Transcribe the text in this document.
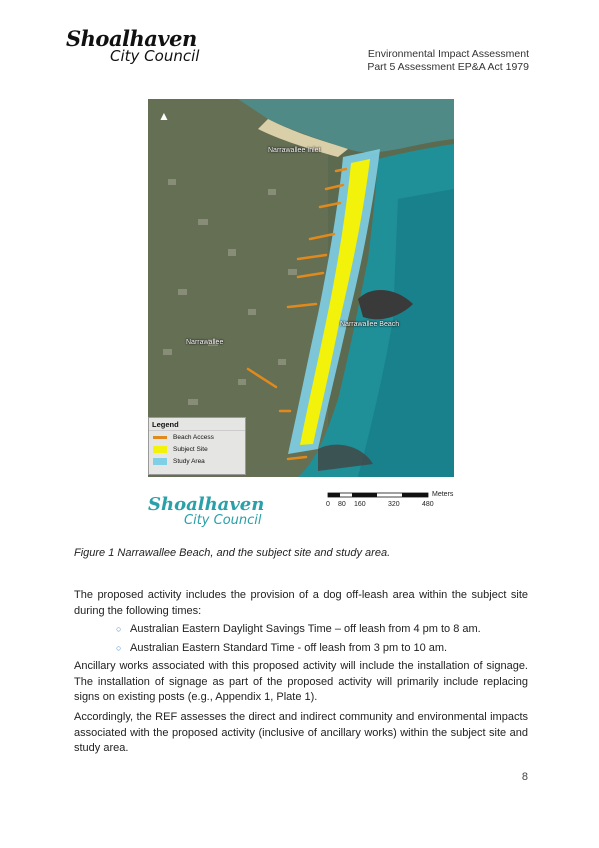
Shoalhaven
City Council	Environmental Impact Assessment
Part 5 Assessment EP&A Act 1979
▲
Narrawallee Inlet
Narrawallee Beach
Narrawallee
Legend
Beach Access
Subject Site
Study Area
Shoalhaven
City Council
Meters
0 80 160	320	480
Figure 1 Narrawallee Beach, and the subject site and study area.
The proposed activity includes the provision of a dog off-leash area within the subject site during the following times:
○ Australian Eastern Daylight Savings Time – off leash from 4 pm to 8 am.
○ Australian Eastern Standard Time - off leash from 3 pm to 10 am.
Ancillary works associated with this proposed activity will include the installation of signage. The installation of signage as part of the proposed activity will primarily include replacing signs on existing posts (e.g., Appendix 1, Plate 1).
Accordingly, the REF assesses the direct and indirect community and environmental impacts associated with the proposed activity (inclusive of ancillary works) within the subject site and study area.
8
